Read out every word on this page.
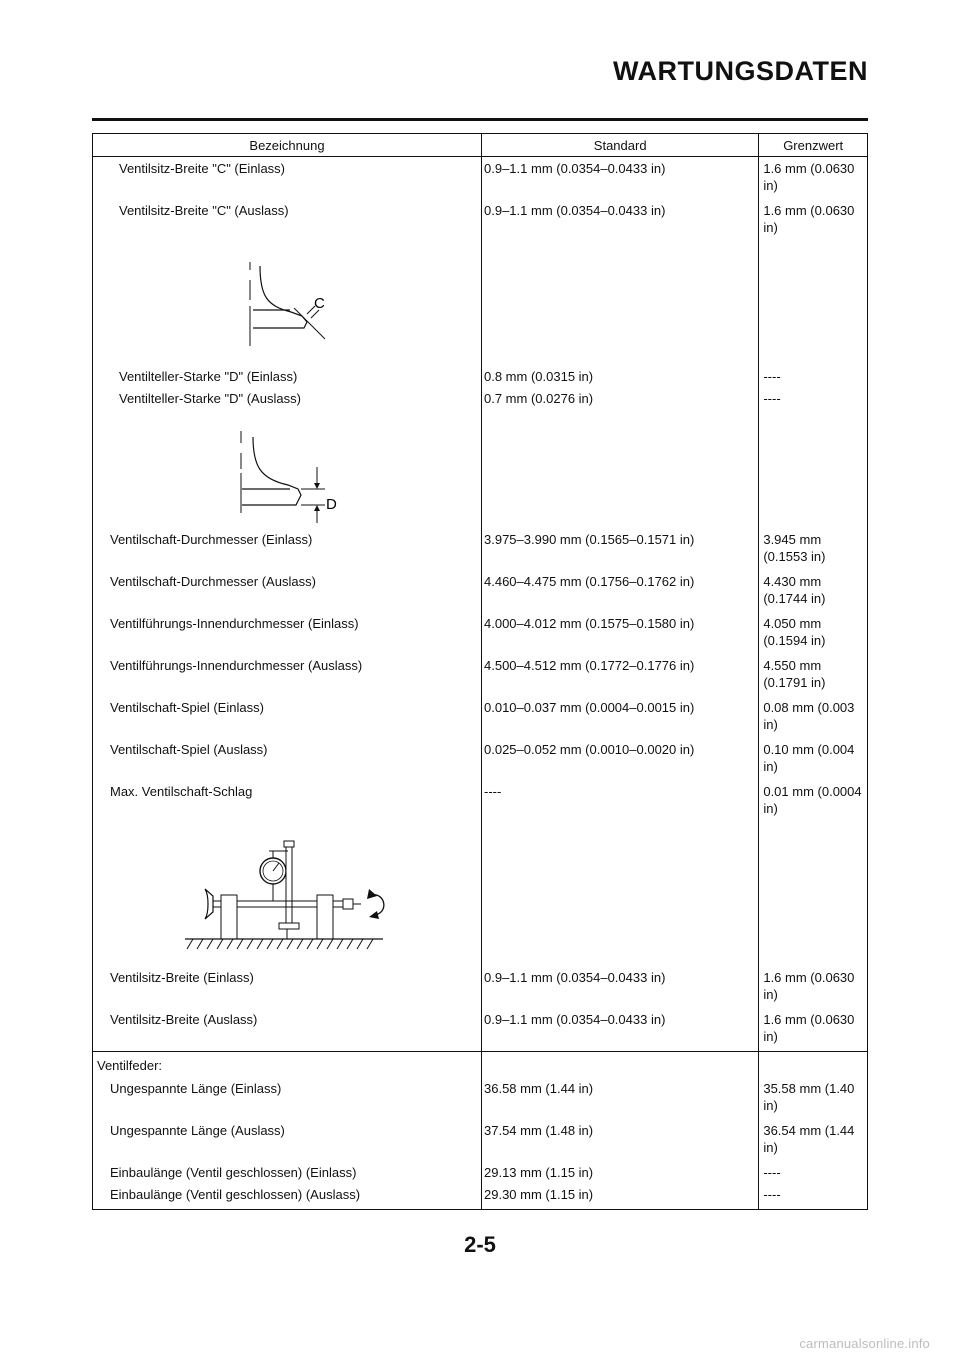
WARTUNGSDATEN
Bezeichnung	Standard	Grenzwert
Ventilsitz-Breite "C" (Einlass)	0.9–1.1 mm (0.0354–0.0433 in)	1.6 mm (0.0630 in)
Ventilsitz-Breite "C" (Auslass)	0.9–1.1 mm (0.0354–0.0433 in)	1.6 mm (0.0630 in)

C		

Ventilteller-Starke "D" (Einlass)	0.8 mm (0.0315 in)	----
Ventilteller-Starke "D" (Auslass)	0.7 mm (0.0276 in)	----

D		

Ventilschaft-Durchmesser (Einlass)	3.975–3.990 mm (0.1565–0.1571 in)	3.945 mm (0.1553 in)
Ventilschaft-Durchmesser (Auslass)	4.460–4.475 mm (0.1756–0.1762 in)	4.430 mm (0.1744 in)
Ventilführungs-Innendurchmesser (Einlass)	4.000–4.012 mm (0.1575–0.1580 in)	4.050 mm (0.1594 in)
Ventilführungs-Innendurchmesser (Auslass)	4.500–4.512 mm (0.1772–0.1776 in)	4.550 mm (0.1791 in)
Ventilschaft-Spiel (Einlass)	0.010–0.037 mm (0.0004–0.0015 in)	0.08 mm (0.003 in)
Ventilschaft-Spiel (Auslass)	0.025–0.052 mm (0.0010–0.0020 in)	0.10 mm (0.004 in)
Max. Ventilschaft-Schlag	----	0.01 mm (0.0004 in)

Ventilsitz-Breite (Einlass)	0.9–1.1 mm (0.0354–0.0433 in)	1.6 mm (0.0630 in)
Ventilsitz-Breite (Auslass)	0.9–1.1 mm (0.0354–0.0433 in)	1.6 mm (0.0630 in)
Ventilfeder:		
Ungespannte Länge (Einlass)	36.58 mm (1.44 in)	35.58 mm (1.40 in)
Ungespannte Länge (Auslass)	37.54 mm (1.48 in)	36.54 mm (1.44 in)
Einbaulänge (Ventil geschlossen) (Einlass)	29.13 mm (1.15 in)	----
Einbaulänge (Ventil geschlossen) (Auslass)	29.30 mm (1.15 in)	----
2-5
carmanualsonline.info
